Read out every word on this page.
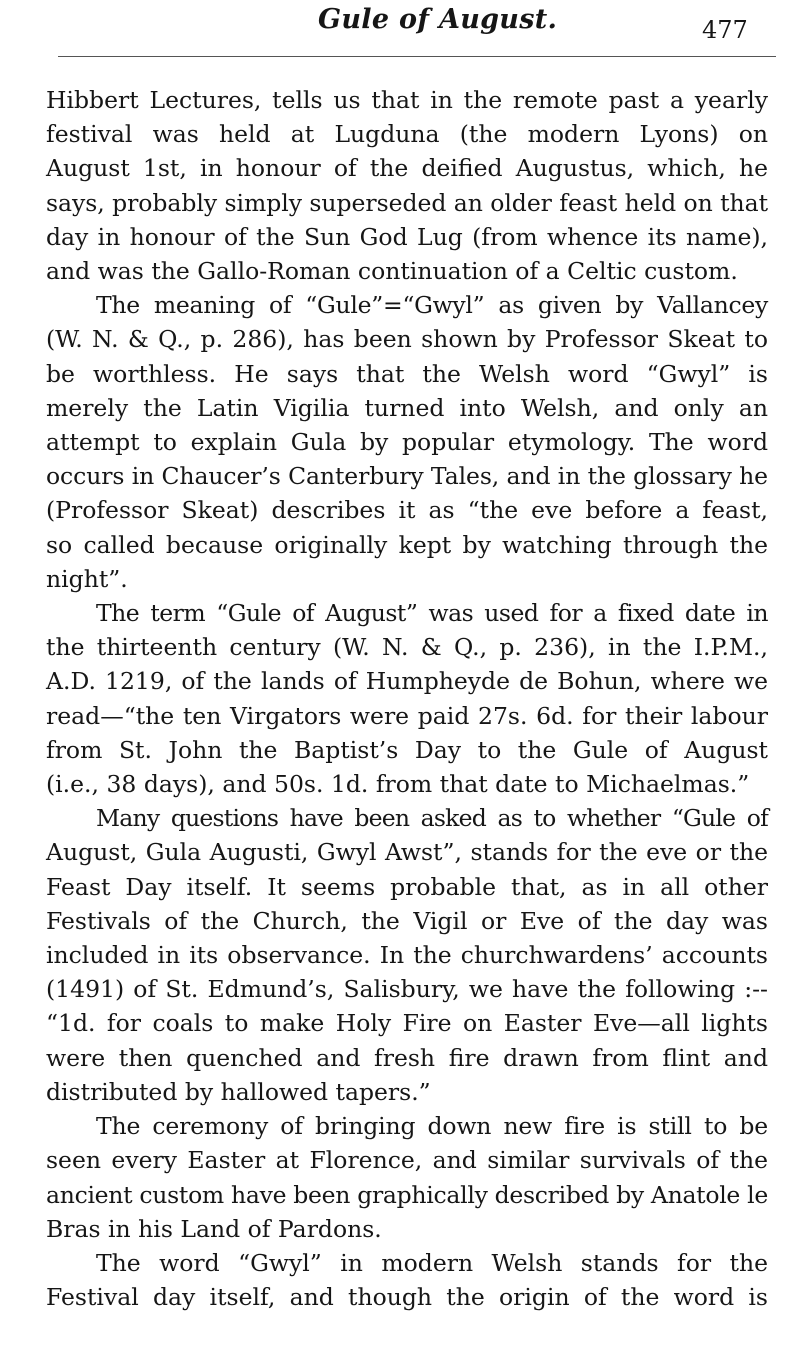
Gule of August.	477

Hibbert Lectures, tells us that in the remote past a yearly
festival was held at Lugduna (the modern Lyons) on
August 1st, in honour of the deified Augustus, which, he
says, probably simply superseded an older feast held on that
day in honour of the Sun God Lug (from whence its name),
and was the Gallo-Roman continuation of a Celtic custom.

The meaning of “Gule”=“Gwyl” as given by Vallancey
(W. N. & Q., p. 286), has been shown by Professor Skeat to
be worthless. He says that the Welsh word “Gwyl” is
merely the Latin Vigilia turned into Welsh, and only an
attempt to explain Gula by popular etymology. The word
occurs in Chaucer’s Canterbury Tales, and in the glossary he
(Professor Skeat) describes it as “the eve before a feast,
so called because originally kept by watching through the
night”.

The term “Gule of August” was used for a fixed date in
the thirteenth century (W. N. & Q., p. 236), in the I.P.M.,
A.D. 1219, of the lands of Humpheyde de Bohun, where we
read—“the ten Virgators were paid 27s. 6d. for their labour
from St. John the Baptist’s Day to the Gule of August
(i.e., 38 days), and 50s. 1d. from that date to Michaelmas.”

Many questions have been asked as to whether “Gule of
August, Gula Augusti, Gwyl Awst”, stands for the eve or the
Feast Day itself. It seems probable that, as in all other
Festivals of the Church, the Vigil or Eve of the day was
included in its observance. In the churchwardens’ accounts
(1491) of St. Edmund’s, Salisbury, we have the following :--
“1d. for coals to make Holy Fire on Easter Eve—all lights
were then quenched and fresh fire drawn from flint and
distributed by hallowed tapers.”

The ceremony of bringing down new fire is still to be
seen every Easter at Florence, and similar survivals of the
ancient custom have been graphically described by Anatole le
Bras in his Land of Pardons.

The word “Gwyl” in modern Welsh stands for the
Festival day itself, and though the origin of the word is
